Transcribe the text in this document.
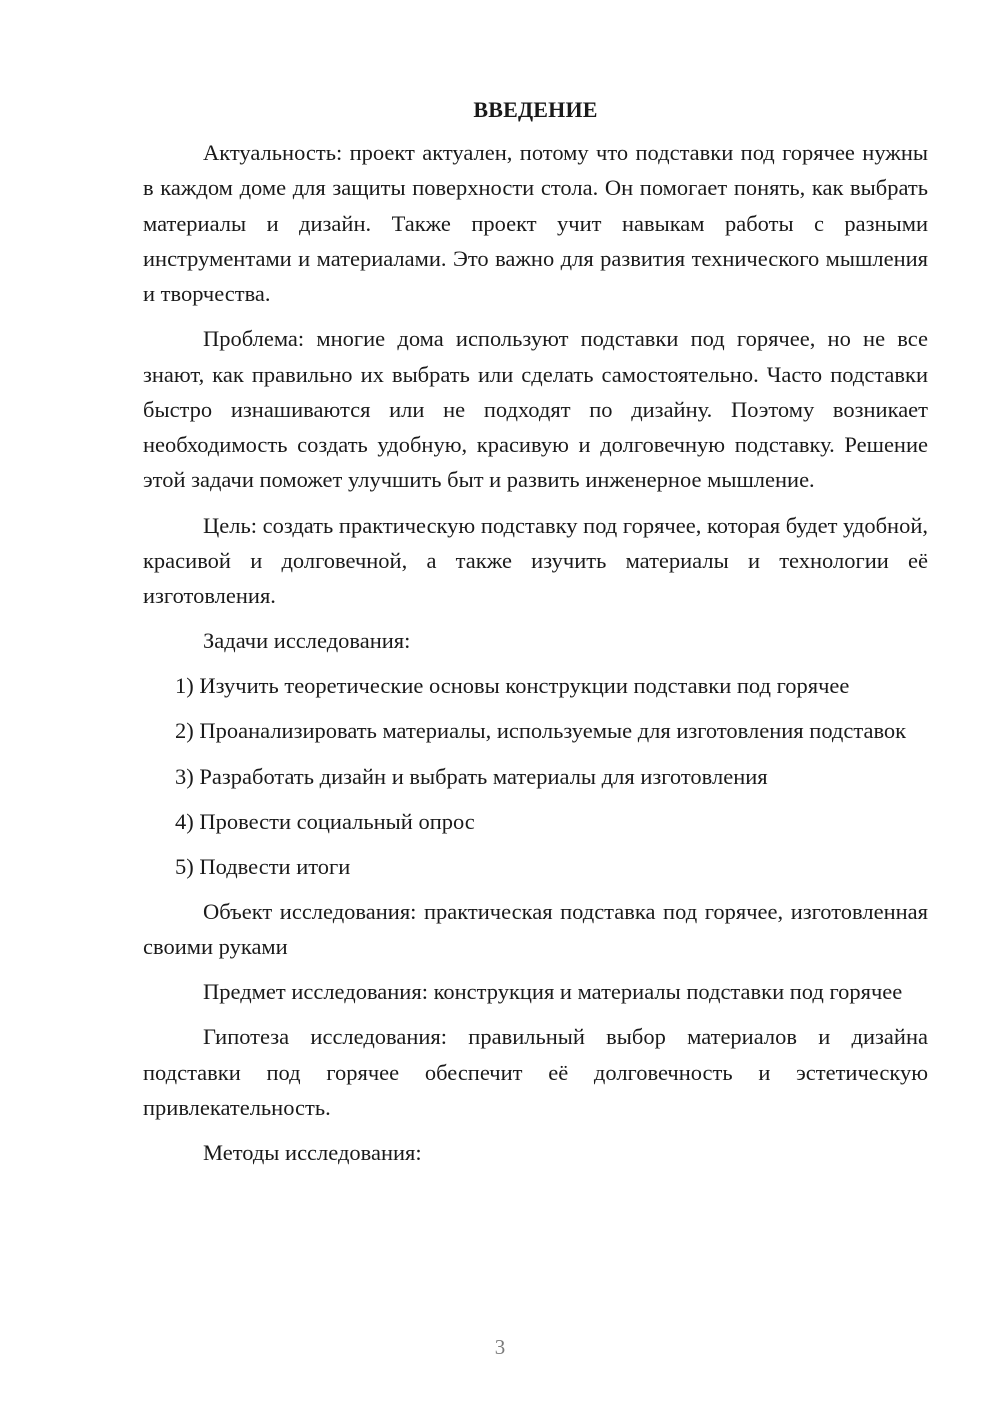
ВВЕДЕНИЕ

Актуальность: проект актуален, потому что подставки под горячее нужны в каждом доме для защиты поверхности стола. Он помогает понять, как выбрать материалы и дизайн. Также проект учит навыкам работы с разными инструментами и материалами. Это важно для развития технического мышления и творчества.

Проблема: многие дома используют подставки под горячее, но не все знают, как правильно их выбрать или сделать самостоятельно. Часто подставки быстро изнашиваются или не подходят по дизайну. Поэтому возникает необходимость создать удобную, красивую и долговечную подставку. Решение этой задачи поможет улучшить быт и развить инженерное мышление.

Цель: создать практическую подставку под горячее, которая будет удобной, красивой и долговечной, а также изучить материалы и технологии её изготовления.

Задачи исследования:

1) Изучить теоретические основы конструкции подставки под горячее

2) Проанализировать материалы, используемые для изготовления подставок

3) Разработать дизайн и выбрать материалы для изготовления

4) Провести социальный опрос

5) Подвести итоги

Объект исследования: практическая подставка под горячее, изготовленная своими руками

Предмет исследования: конструкция и материалы подставки под горячее

Гипотеза исследования: правильный выбор материалов и дизайна подставки под горячее обеспечит её долговечность и эстетическую привлекательность.

Методы исследования:

3
